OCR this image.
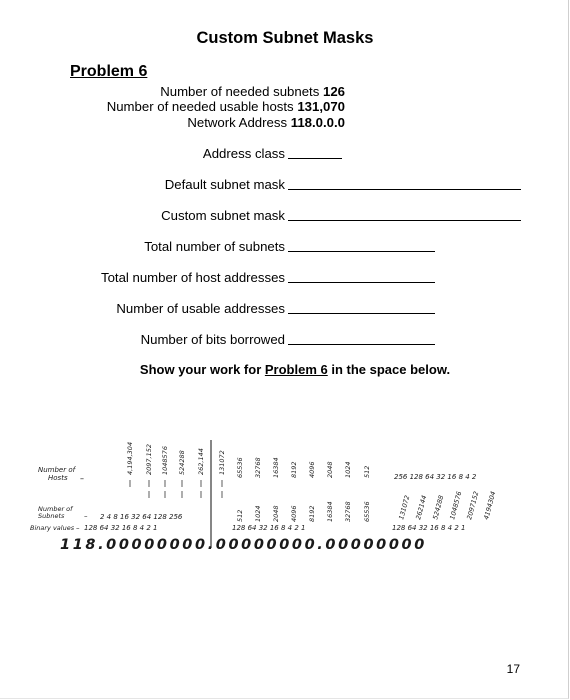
Custom Subnet Masks
Problem 6
Number of needed subnets 126
Number of needed usable hosts 131,070
Network Address 118.0.0.0
Address class
Default subnet mask
Custom subnet mask
Total number of subnets
Total number of host addresses
Number of usable addresses
Number of bits borrowed
Show your work for Problem 6 in the space below.
Number of
Hosts –
4,194,304 2097,152 1048576 524288 262,144 131072 65536 32768 16384 8192 4096 2048 1024 512
512 1024 2048 4096 8192 16384 32768 65536
256 128 64 32 16 8 4 2
131072 262144 524288 1048576 2097152 4194304
Number of
Subnets	– 2 4 8 16 32 64 128 256
Binary values – 128 64 32 16 8 4 2 1	128 64 32 16 8 4 2 1	128 64 32 16 8 4 2 1
118.00000000.00000000.00000000
17
